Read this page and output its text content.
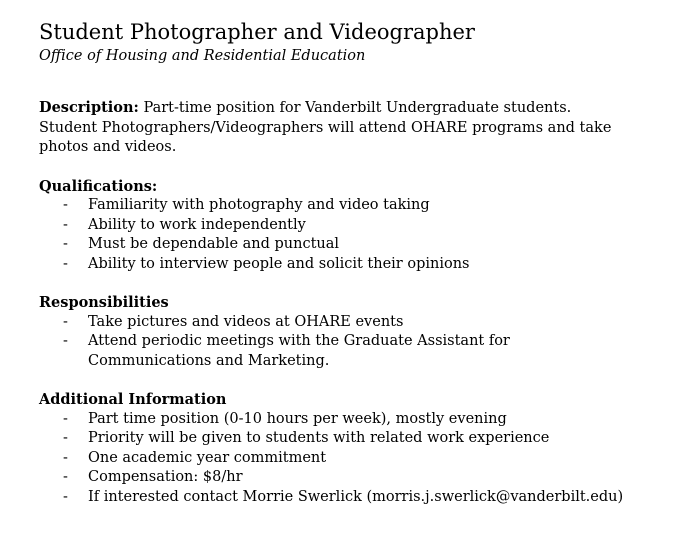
Student Photographer and Videographer

Office of Housing and Residential Education

Description: Part-time position for Vanderbilt Undergraduate students. Student Photographers/Videographers will attend OHARE programs and take photos and videos.

Qualifications:

- Familiarity with photography and video taking
- Ability to work independently
- Must be dependable and punctual
- Ability to interview people and solicit their opinions

Responsibilities

- Take pictures and videos at OHARE events
- Attend periodic meetings with the Graduate Assistant for Communications and Marketing.

Additional Information

- Part time position (0-10 hours per week), mostly evening
- Priority will be given to students with related work experience
- One academic year commitment
- Compensation: $8/hr
- If interested contact Morrie Swerlick (morris.j.swerlick@vanderbilt.edu)
